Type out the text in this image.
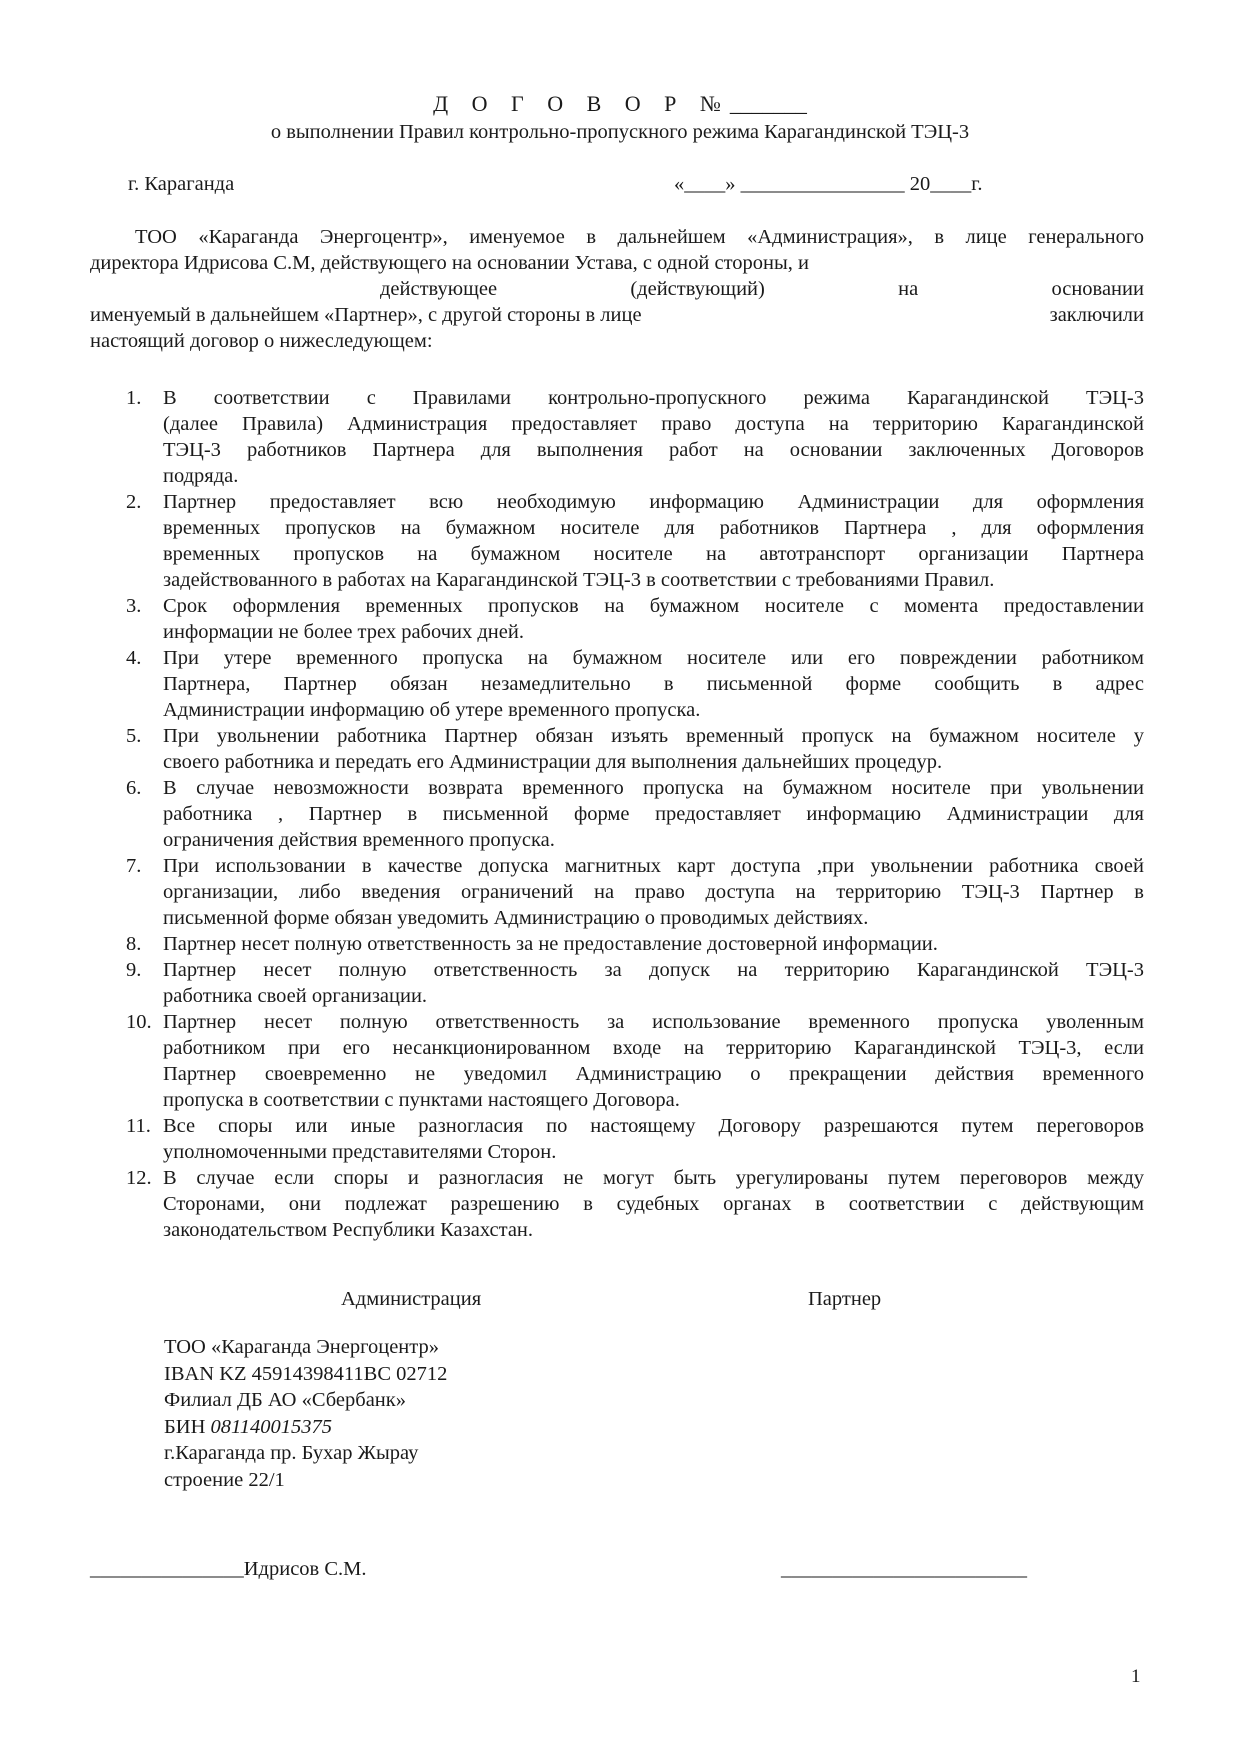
Д О Г О В О Р №_______
о выполнении Правил контрольно-пропускного режима Карагандинской ТЭЦ-3
г. Караганда	«____» ________________ 20____г.
ТОО «Караганда Энергоцентр», именуемое в дальнейшем «Администрация», в лице генерального
директора Идрисова С.М, действующего на основании Устава, с одной стороны, и
действующее	(действующий)	на	основании
именуемый в дальнейшем «Партнер», с другой стороны в лице	заключили
настоящий договор о нижеследующем:
1. В соответствии с Правилами контрольно-пропускного режима Карагандинской ТЭЦ-3
(далее Правила) Администрация предоставляет право доступа на территорию Карагандинской
ТЭЦ-3 работников Партнера для выполнения работ на основании заключенных Договоров
подряда.
2. Партнер предоставляет всю необходимую информацию Администрации для оформления
временных пропусков на бумажном носителе для работников Партнера , для оформления
временных пропусков на бумажном носителе на автотранспорт организации Партнера
задействованного в работах на Карагандинской ТЭЦ-3 в соответствии с требованиями Правил.
3. Срок оформления временных пропусков на бумажном носителе с момента предоставлении
информации не более трех рабочих дней.
4. При утере временного пропуска на бумажном носителе или его повреждении работником
Партнера, Партнер обязан незамедлительно в письменной форме сообщить в адрес
Администрации информацию об утере временного пропуска.
5. При увольнении работника Партнер обязан изъять временный пропуск на бумажном носителе у
своего работника и передать его Администрации для выполнения дальнейших процедур.
6. В случае невозможности возврата временного пропуска на бумажном носителе при увольнении
работника , Партнер в письменной форме предоставляет информацию Администрации для
ограничения действия временного пропуска.
7. При использовании в качестве допуска магнитных карт доступа ,при увольнении работника своей
организации, либо введения ограничений на право доступа на территорию ТЭЦ-3 Партнер в
письменной форме обязан уведомить Администрацию о проводимых действиях.
8. Партнер несет полную ответственность за не предоставление достоверной информации.
9. Партнер несет полную ответственность за допуск на территорию Карагандинской ТЭЦ-3
работника своей организации.
10. Партнер несет полную ответственность за использование временного пропуска уволенным
работником при его несанкционированном входе на территорию Карагандинской ТЭЦ-3, если
Партнер своевременно не уведомил Администрацию о прекращении действия временного
пропуска в соответствии с пунктами настоящего Договора.
11. Все споры или иные разногласия по настоящему Договору разрешаются путем переговоров
уполномоченными представителями Сторон.
12. В случае если споры и разногласия не могут быть урегулированы путем переговоров между
Сторонами, они подлежат разрешению в судебных органах в соответствии с действующим
законодательством Республики Казахстан.
Администрация	Партнер
ТОО «Караганда Энергоцентр»
IBAN KZ 45914398411BC 02712
Филиал ДБ АО «Сбербанк»
БИН 081140015375
г.Караганда пр. Бухар Жырау
строение 22/1
_______________Идрисов С.М.	________________________
1
